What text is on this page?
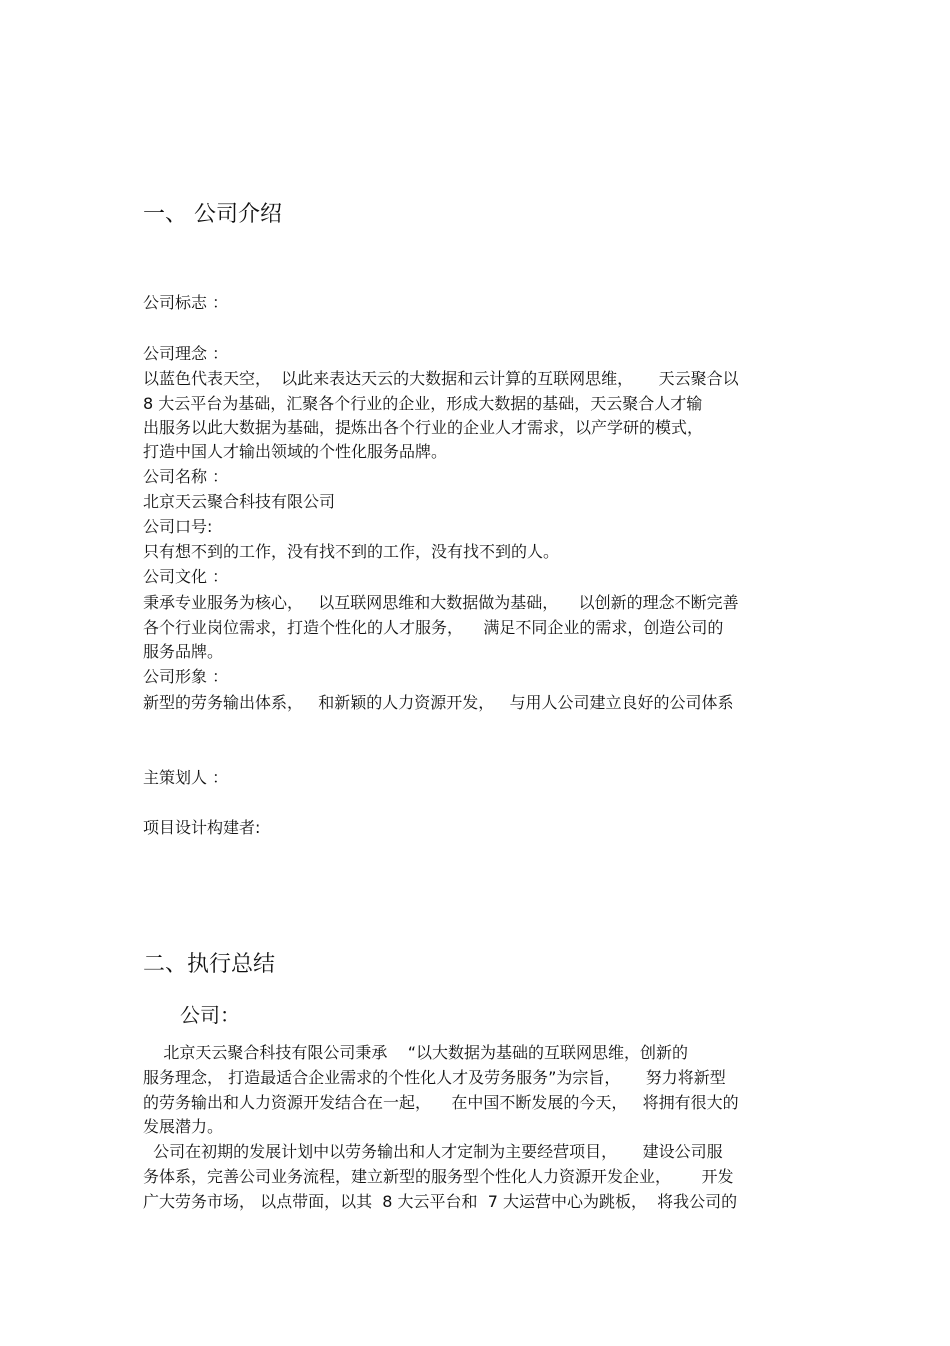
一、 公司介绍
公司标志 ：
公司理念 ：
以蓝色代表天空，  以此来表达天云的大数据和云计算的互联网思维，     天云聚合以
8 大云平台为基础，汇聚各个行业的企业，形成大数据的基础，天云聚合人才输
出服务以此大数据为基础，提炼出各个行业的企业人才需求，以产学研的模式，
打造中国人才输出领域的个性化服务品牌。
公司名称 ：
北京天云聚合科技有限公司
公司口号:
只有想不到的工作，没有找不到的工作，没有找不到的人。
公司文化 ：
秉承专业服务为核心，   以互联网思维和大数据做为基础，    以创新的理念不断完善
各个行业岗位需求，打造个性化的人才服务，    满足不同企业的需求，创造公司的
服务品牌。
公司形象 ：
新型的劳务输出体系，   和新颖的人力资源开发，   与用人公司建立良好的公司体系
主策划人 ：
项目设计构建者:
二、执行总结
公司：
北京天云聚合科技有限公司秉承    “以大数据为基础的互联网思维，创新的
服务理念， 打造最适合企业需求的个性化人才及劳务服务”为宗旨，     努力将新型
的劳务输出和人力资源开发结合在一起，    在中国不断发展的今天，   将拥有很大的
发展潜力。
公司在初期的发展计划中以劳务输出和人才定制为主要经营项目，     建设公司服
务体系，完善公司业务流程，建立新型的服务型个性化人力资源开发企业，      开发
广大劳务市场， 以点带面，以其  8 大云平台和  7 大运营中心为跳板，  将我公司的
